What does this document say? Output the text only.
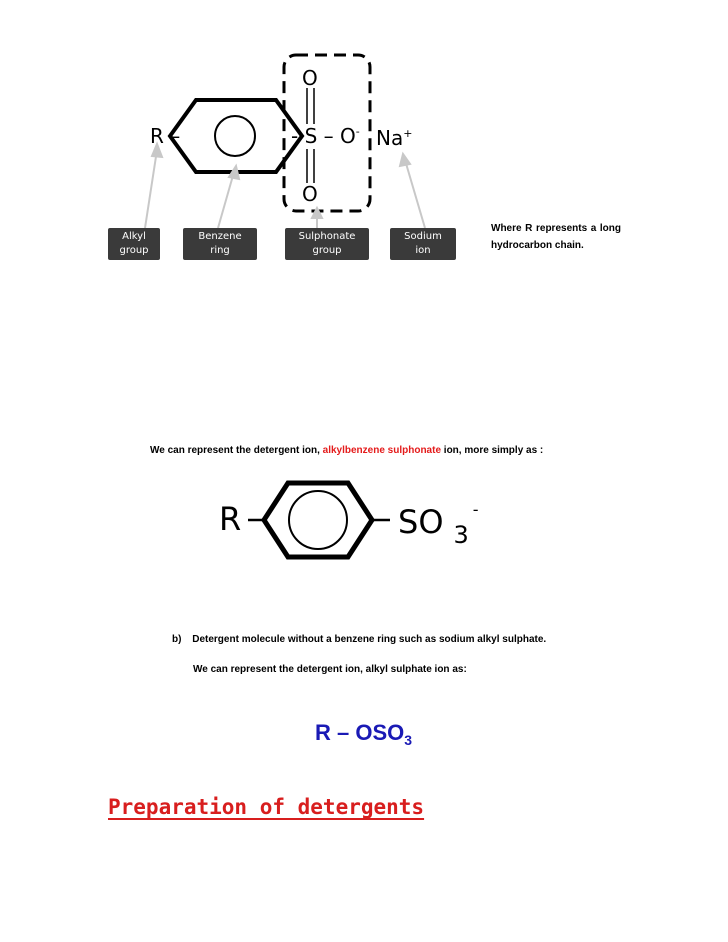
R –
O
- S – O- Na+
O
Alkyl
group
Benzene
ring
Sulphonate
group
Sodium
ion
Where R represents a long hydrocarbon chain.
We can represent the detergent ion, alkylbenzene sulphonate ion, more simply as :
R	SO $_3$-
b) Detergent molecule without a benzene ring such as sodium alkyl sulphate.
We can represent the detergent ion, alkyl sulphate ion as:
R – $OSO_3$
Preparation of detergents
